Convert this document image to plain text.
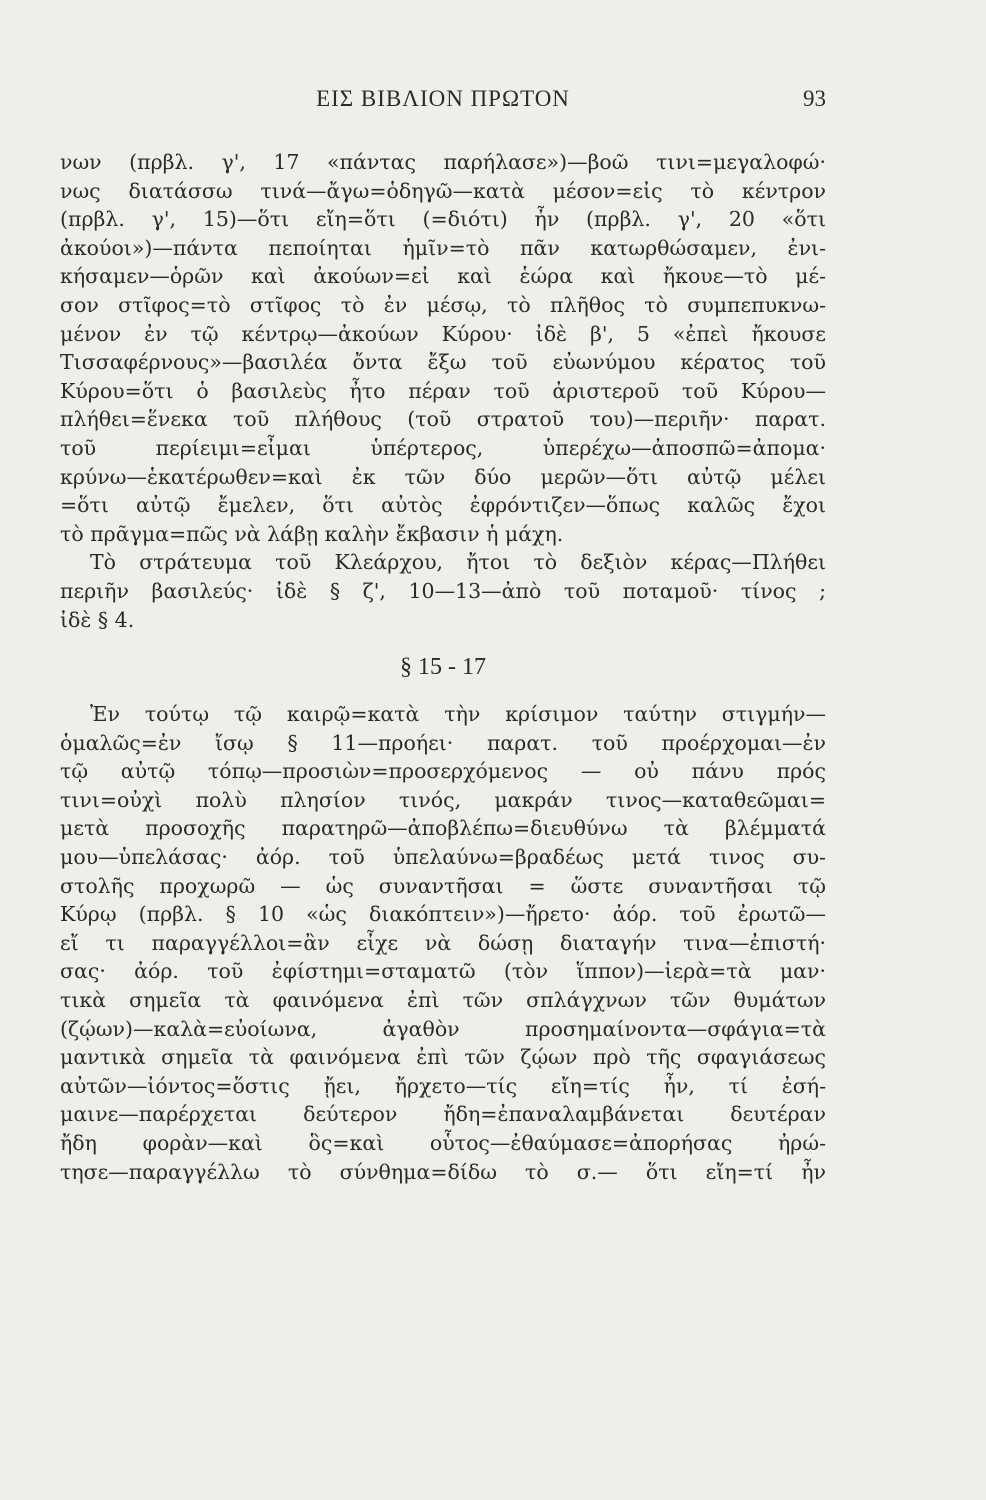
ΕΙΣ ΒΙΒΛΙΟΝ ΠΡΩΤΟΝ	93
νων (πρβλ. γ', 17 «πάντας παρήλασε»)—βοῶ τινι=μεγαλοφώ·
νως διατάσσω τινά—ἄγω=ὁδηγῶ—κατὰ μέσον=εἰς τὸ κέντρον
(πρβλ. γ', 15)—ὅτι εἴη=ὅτι (=διότι) ἦν (πρβλ. γ', 20 «ὅτι
ἀκούοι»)—πάντα πεποίηται ἡμῖν=τὸ πᾶν κατωρθώσαμεν, ἐνι-
κήσαμεν—ὁρῶν καὶ ἀκούων=εἰ καὶ ἑώρα καὶ ἤκουε—τὸ μέ-
σον στῖφος=τὸ στῖφος τὸ ἐν μέσῳ, τὸ πλῆθος τὸ συμπεπυκνω-
μένον ἐν τῷ κέντρῳ—ἀκούων Κύρου· ἰδὲ β', 5 «ἐπεὶ ἤκουσε
Τισσαφέρνους»—βασιλέα ὄντα ἔξω τοῦ εὐωνύμου κέρατος τοῦ
Κύρου=ὅτι ὁ βασιλεὺς ἦτο πέραν τοῦ ἀριστεροῦ τοῦ Κύρου—
πλήθει=ἕνεκα τοῦ πλήθους (τοῦ στρατοῦ του)—περιῆν· παρατ.
τοῦ περίειμι=εἶμαι ὑπέρτερος, ὑπερέχω—ἀποσπῶ=ἀπομα·
κρύνω—ἑκατέρωθεν=καὶ ἐκ τῶν δύο μερῶν—ὅτι αὐτῷ μέλει
=ὅτι αὐτῷ ἔμελεν, ὅτι αὐτὸς ἐφρόντιζεν—ὅπως καλῶς ἔχοι
τὸ πρᾶγμα=πῶς νὰ λάβῃ καλὴν ἔκβασιν ἡ μάχη.
Τὸ στράτευμα τοῦ Κλεάρχου, ἤτοι τὸ δεξιὸν κέρας—Πλήθει
περιῆν βασιλεύς· ἰδὲ § ζ', 10—13—ἀπὸ τοῦ ποταμοῦ· τίνος ;
ἰδὲ § 4.
§ 15 - 17
Ἐν τούτῳ τῷ καιρῷ=κατὰ τὴν κρίσιμον ταύτην στιγμήν—
ὁμαλῶς=ἐν ἴσῳ § 11—προήει· παρατ. τοῦ προέρχομαι—ἐν
τῷ αὐτῷ τόπῳ—προσιὼν=προσερχόμενος — οὐ πάνυ πρός
τινι=οὐχὶ πολὺ πλησίον τινός, μακράν τινος—καταθεῶμαι=
μετὰ προσοχῆς παρατηρῶ—ἀποβλέπω=διευθύνω τὰ βλέμματά
μου—ὑπελάσας· ἀόρ. τοῦ ὑπελαύνω=βραδέως μετά τινος συ-
στολῆς προχωρῶ — ὡς συναντῆσαι = ὥστε συναντῆσαι τῷ
Κύρῳ (πρβλ. § 10 «ὡς διακόπτειν»)—ἤρετο· ἀόρ. τοῦ ἐρωτῶ—
εἴ τι παραγγέλλοι=ἂν εἶχε νὰ δώσῃ διαταγήν τινα—ἐπιστή·
σας· ἀόρ. τοῦ ἐφίστημι=σταματῶ (τὸν ἵππον)—ἱερὰ=τὰ μαν·
τικὰ σημεῖα τὰ φαινόμενα ἐπὶ τῶν σπλάγχνων τῶν θυμάτων
(ζῴων)—καλὰ=εὐοίωνα, ἀγαθὸν προσημαίνοντα—σφάγια=τὰ
μαντικὰ σημεῖα τὰ φαινόμενα ἐπὶ τῶν ζῴων πρὸ τῆς σφαγιάσεως
αὐτῶν—ἰόντος=ὅστις ᾔει, ἤρχετο—τίς εἴη=τίς ἦν, τί ἐσή-
μαινε—παρέρχεται δεύτερον ἤδη=ἐπαναλαμβάνεται δευτέραν
ἤδη φορὰν—καὶ ὃς=καὶ οὗτος—ἐθαύμασε=ἀπορήσας ἠρώ-
τησε—παραγγέλλω τὸ σύνθημα=δίδω τὸ σ.— ὅτι εἴη=τί ἦν
